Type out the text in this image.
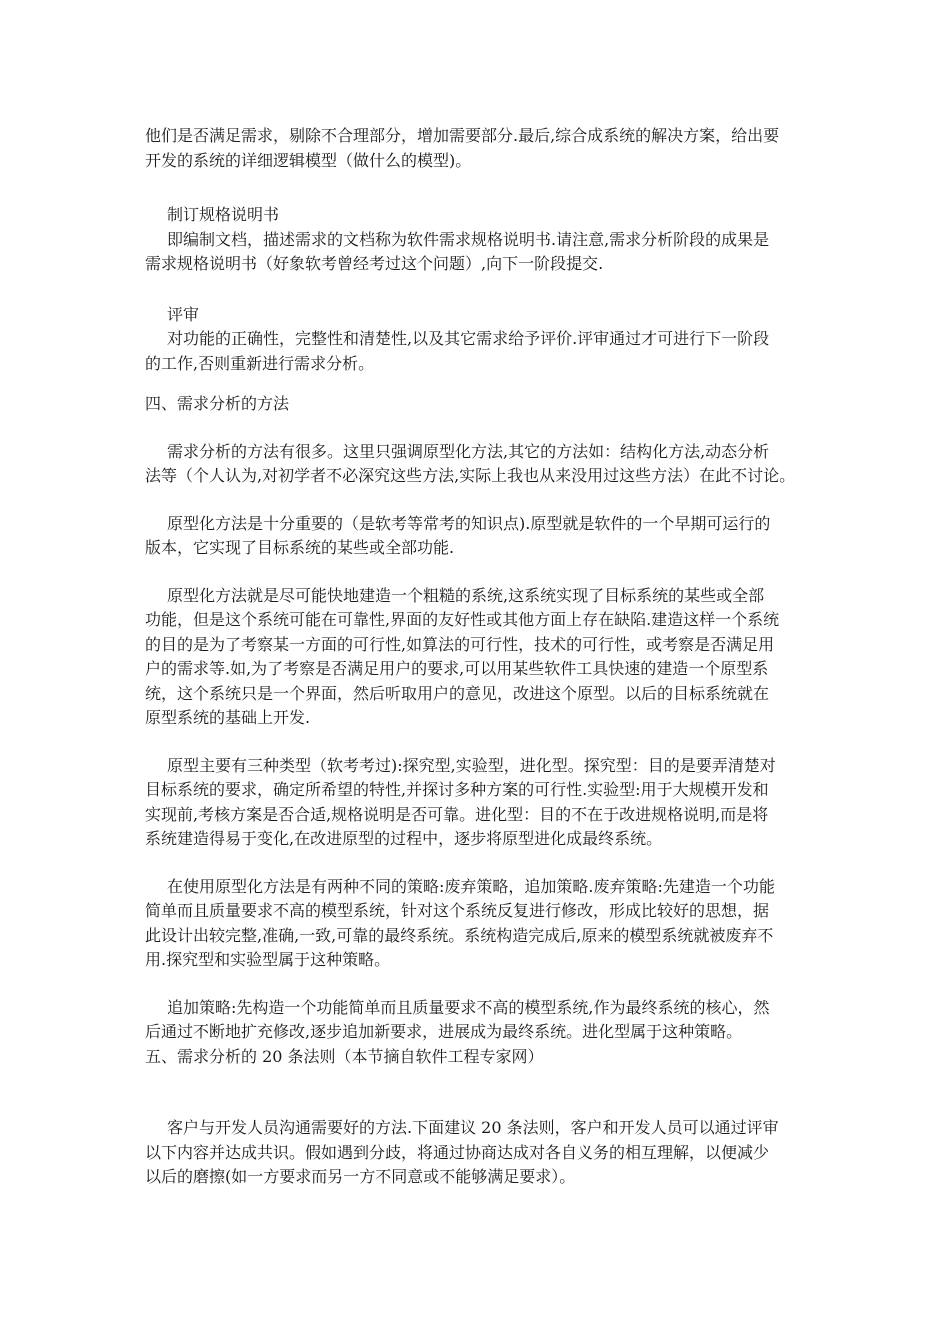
他们是否满足需求，剔除不合理部分，增加需要部分.最后,综合成系统的解决方案，给出要
开发的系统的详细逻辑模型（做什么的模型)。
制订规格说明书
即编制文档，描述需求的文档称为软件需求规格说明书.请注意,需求分析阶段的成果是
需求规格说明书（好象软考曾经考过这个问题）,向下一阶段提交.
评审
对功能的正确性，完整性和清楚性,以及其它需求给予评价.评审通过才可进行下一阶段
的工作,否则重新进行需求分析。
四、需求分析的方法
需求分析的方法有很多。这里只强调原型化方法,其它的方法如：结构化方法,动态分析
法等（个人认为,对初学者不必深究这些方法,实际上我也从来没用过这些方法）在此不讨论。
原型化方法是十分重要的（是软考等常考的知识点).原型就是软件的一个早期可运行的
版本，它实现了目标系统的某些或全部功能.
原型化方法就是尽可能快地建造一个粗糙的系统,这系统实现了目标系统的某些或全部
功能，但是这个系统可能在可靠性,界面的友好性或其他方面上存在缺陷.建造这样一个系统
的目的是为了考察某一方面的可行性,如算法的可行性，技术的可行性，或考察是否满足用
户的需求等.如,为了考察是否满足用户的要求,可以用某些软件工具快速的建造一个原型系
统，这个系统只是一个界面，然后听取用户的意见，改进这个原型。以后的目标系统就在
原型系统的基础上开发.
原型主要有三种类型（软考考过):探究型,实验型，进化型。探究型：目的是要弄清楚对
目标系统的要求，确定所希望的特性,并探讨多种方案的可行性.实验型:用于大规模开发和
实现前,考核方案是否合适,规格说明是否可靠。进化型：目的不在于改进规格说明,而是将
系统建造得易于变化,在改进原型的过程中，逐步将原型进化成最终系统。
在使用原型化方法是有两种不同的策略:废弃策略，追加策略.废弃策略:先建造一个功能
简单而且质量要求不高的模型系统，针对这个系统反复进行修改，形成比较好的思想，据
此设计出较完整,准确,一致,可靠的最终系统。系统构造完成后,原来的模型系统就被废弃不
用.探究型和实验型属于这种策略。
追加策略:先构造一个功能简单而且质量要求不高的模型系统,作为最终系统的核心，然
后通过不断地扩充修改,逐步追加新要求，进展成为最终系统。进化型属于这种策略。
五、需求分析的 20 条法则（本节摘自软件工程专家网）
客户与开发人员沟通需要好的方法.下面建议 20 条法则，客户和开发人员可以通过评审
以下内容并达成共识。假如遇到分歧，将通过协商达成对各自义务的相互理解，以便减少
以后的磨擦(如一方要求而另一方不同意或不能够满足要求）。
